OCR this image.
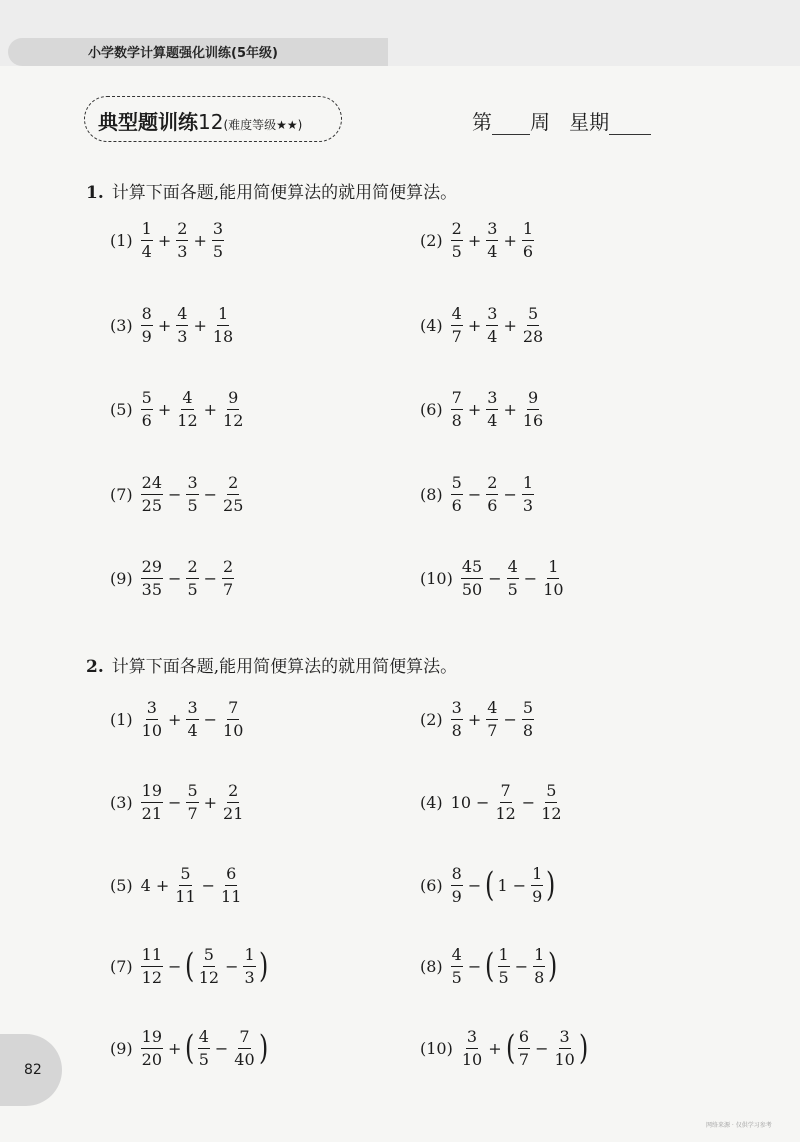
小学数学计算题强化训练(5年级)
典型题训练12(难度等级★★)	第 周 星期
1. 计算下面各题,能用简便算法的就用简便算法。
$(1) \frac{1}{4} + \frac{2}{3} + \frac{3}{5}$	$(2) \frac{2}{5} + \frac{3}{4} + \frac{1}{6}$
$(3) \frac{8}{9} + \frac{4}{3} + \frac{1}{18}$	$(4) \frac{4}{7} + \frac{3}{4} + \frac{5}{28}$
$(5) \frac{5}{6} + \frac{4}{12} + \frac{9}{12}$	$(6) \frac{7}{8} + \frac{3}{4} + \frac{9}{16}$
$(7) \frac{24}{25} - \frac{3}{5} - \frac{2}{25}$	$(8) \frac{5}{6} - \frac{2}{6} - \frac{1}{3}$
$(9) \frac{29}{35} - \frac{2}{5} - \frac{2}{7}$	$(10) \frac{45}{50} - \frac{4}{5} - \frac{1}{10}$
2. 计算下面各题,能用简便算法的就用简便算法。
$(1) \frac{3}{10} + \frac{3}{4} - \frac{7}{10}$	$(2) \frac{3}{8} + \frac{4}{7} - \frac{5}{8}$
$(3) \frac{19}{21} - \frac{5}{7} + \frac{2}{21}$	(4) $10 - \frac{7}{12} - \frac{5}{12}$
(5) $4 + \frac{5}{11} - \frac{6}{11}$	$(6) \frac{8}{9}$ − ( $1 - \frac{1}{9}$ )
$(7) \frac{11}{12}$ − ( $\frac{5}{12} - \frac{1}{3}$ )	$(8) \frac{4}{5}$ − ( $\frac{1}{5} - \frac{1}{8}$ )
$(9) \frac{19}{20}$ + ( $\frac{4}{5} - \frac{7}{40}$ )	$(10) \frac{3}{10}$ + ( $\frac{6}{7} - \frac{3}{10}$ )
82
网络来源 · 仅供学习参考
